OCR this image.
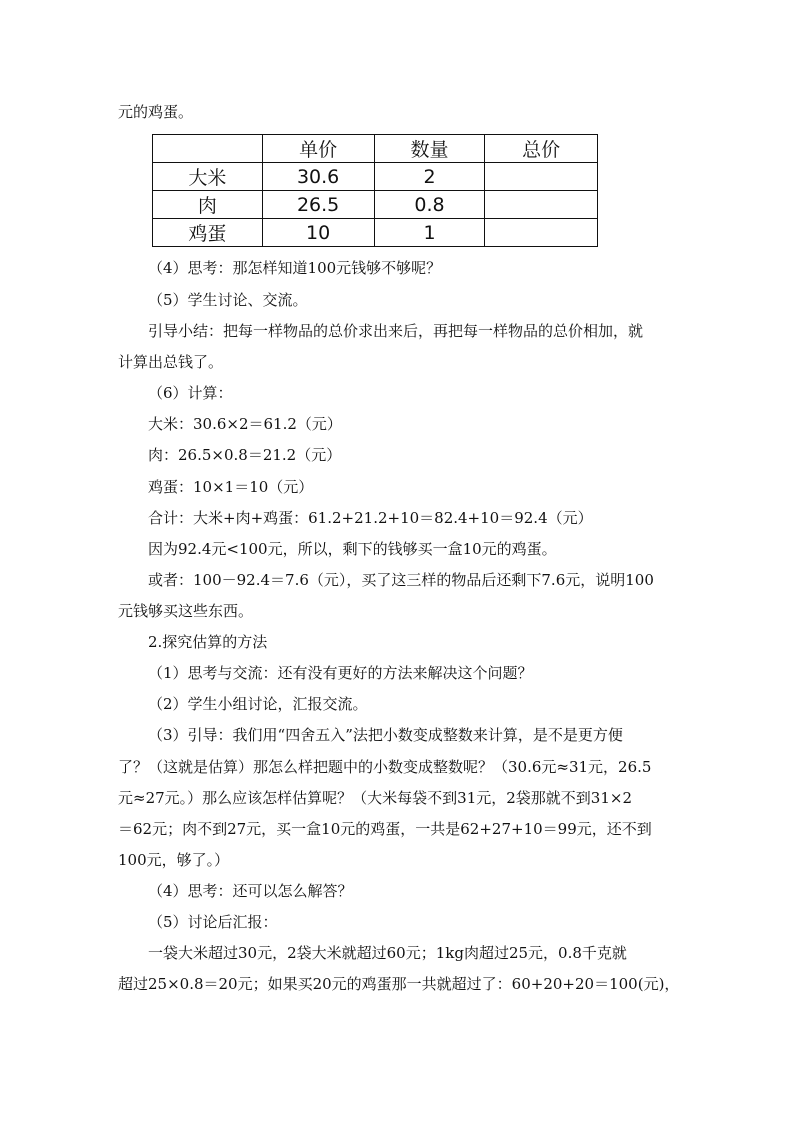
元的鸡蛋。
	单价	数量	总价
大米	30.6	2	
肉	26.5	0.8	
鸡蛋	10	1	
（4）思考：那怎样知道100元钱够不够呢？
（5）学生讨论、交流。
引导小结：把每一样物品的总价求出来后，再把每一样物品的总价相加，就
计算出总钱了。
（6）计算：
大米：30.6×2＝61.2（元）
肉：26.5×0.8＝21.2（元）
鸡蛋：10×1＝10（元）
合计：大米+肉+鸡蛋：61.2+21.2+10＝82.4+10＝92.4（元）
因为92.4元<100元，所以，剩下的钱够买一盒10元的鸡蛋。
或者：100－92.4＝7.6（元），买了这三样的物品后还剩下7.6元，说明100
元钱够买这些东西。
2.探究估算的方法
（1）思考与交流：还有没有更好的方法来解决这个问题？
（2）学生小组讨论，汇报交流。
（3）引导：我们用“四舍五入”法把小数变成整数来计算，是不是更方便
了？（这就是估算）那怎么样把题中的小数变成整数呢？（30.6元≈31元，26.5
元≈27元。）那么应该怎样估算呢？（大米每袋不到31元，2袋那就不到31×2
＝62元；肉不到27元，买一盒10元的鸡蛋，一共是62+27+10＝99元，还不到
100元，够了。）
（4）思考：还可以怎么解答？
（5）讨论后汇报：
一袋大米超过30元，2袋大米就超过60元；1kg肉超过25元，0.8千克就
超过25×0.8＝20元；如果买20元的鸡蛋那一共就超过了：60+20+20＝100(元)，
